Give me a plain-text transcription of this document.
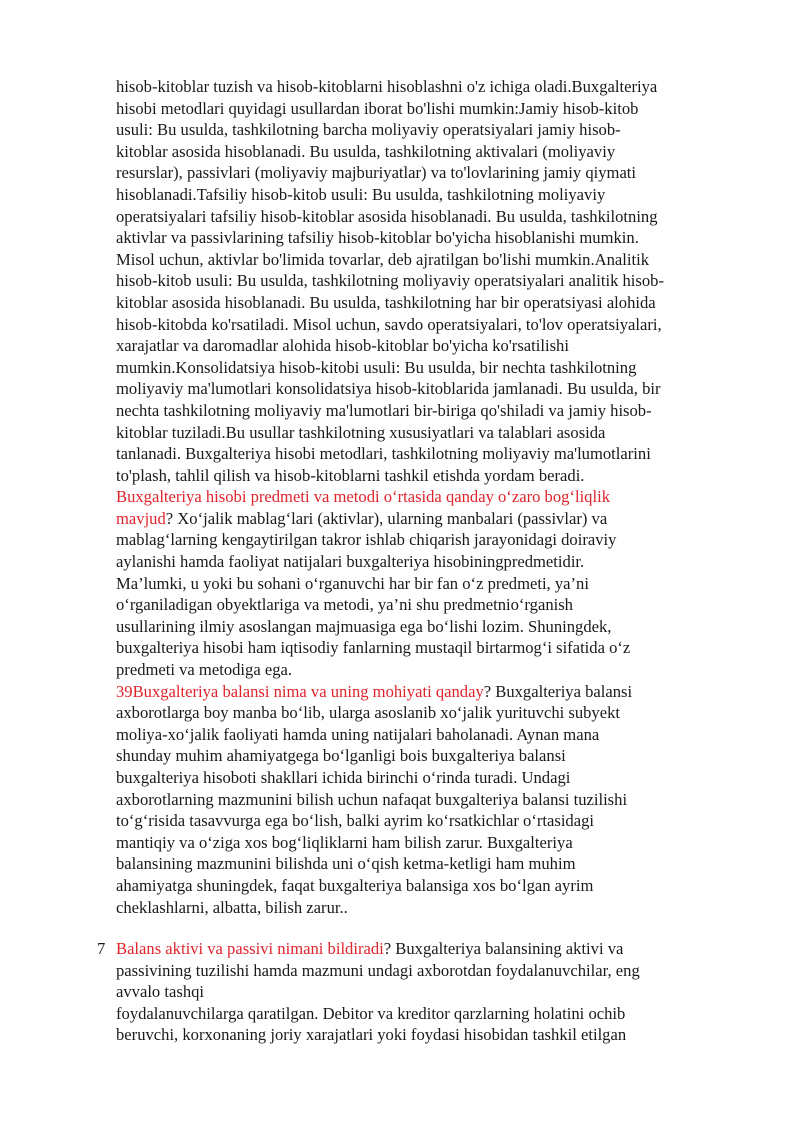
hisob-kitoblar tuzish va hisob-kitoblarni hisoblashni o'z ichiga oladi.Buxgalteriya
hisobi metodlari quyidagi usullardan iborat bo'lishi mumkin:Jamiy hisob-kitob
usuli: Bu usulda, tashkilotning barcha moliyaviy operatsiyalari jamiy hisob-
kitoblar asosida hisoblanadi. Bu usulda, tashkilotning aktivalari (moliyaviy
resurslar), passivlari (moliyaviy majburiyatlar) va to'lovlarining jamiy qiymati
hisoblanadi.Tafsiliy hisob-kitob usuli: Bu usulda, tashkilotning moliyaviy
operatsiyalari tafsiliy hisob-kitoblar asosida hisoblanadi. Bu usulda, tashkilotning
aktivlar va passivlarining tafsiliy hisob-kitoblar bo'yicha hisoblanishi mumkin.
Misol uchun, aktivlar bo'limida tovarlar, deb ajratilgan bo'lishi mumkin.Analitik
hisob-kitob usuli: Bu usulda, tashkilotning moliyaviy operatsiyalari analitik hisob-
kitoblar asosida hisoblanadi. Bu usulda, tashkilotning har bir operatsiyasi alohida
hisob-kitobda ko'rsatiladi. Misol uchun, savdo operatsiyalari, to'lov operatsiyalari,
xarajatlar va daromadlar alohida hisob-kitoblar bo'yicha ko'rsatilishi
mumkin.Konsolidatsiya hisob-kitobi usuli: Bu usulda, bir nechta tashkilotning
moliyaviy ma'lumotlari konsolidatsiya hisob-kitoblarida jamlanadi. Bu usulda, bir
nechta tashkilotning moliyaviy ma'lumotlari bir-biriga qo'shiladi va jamiy hisob-
kitoblar tuziladi.Bu usullar tashkilotning xususiyatlari va talablari asosida
tanlanadi. Buxgalteriya hisobi metodlari, tashkilotning moliyaviy ma'lumotlarini
to'plash, tahlil qilish va hisob-kitoblarni tashkil etishda yordam beradi.
Buxgalteriya hisobi predmeti va metodi o‘rtasida qanday o‘zaro bog‘liqlik
mavjud? Xo‘jalik mablag‘lari (aktivlar), ularning manbalari (passivlar) va
mablag‘larning kengaytirilgan takror ishlab chiqarish jarayonidagi doiraviy
aylanishi hamda faoliyat natijalari buxgalteriya hisobiningpredmetidir.
Ma’lumki, u yoki bu sohani o‘rganuvchi har bir fan o‘z predmeti, ya’ni
o‘rganiladigan obyektlariga va metodi, ya’ni shu predmetnio‘rganish
usullarining ilmiy asoslangan majmuasiga ega bo‘lishi lozim. Shuningdek,
buxgalteriya hisobi ham iqtisodiy fanlarning mustaqil birtarmog‘i sifatida o‘z
predmeti va metodiga ega.
39Buxgalteriya balansi nima va uning mohiyati qanday? Buxgalteriya balansi
axborotlarga boy manba bo‘lib, ularga asoslanib xo‘jalik yurituvchi subyekt
moliya-xo‘jalik faoliyati hamda uning natijalari baholanadi. Aynan mana
shunday muhim ahamiyatgega bo‘lganligi bois buxgalteriya balansi
buxgalteriya hisoboti shakllari ichida birinchi o‘rinda turadi. Undagi
axborotlarning mazmunini bilish uchun nafaqat buxgalteriya balansi tuzilishi
to‘g‘risida tasavvurga ega bo‘lish, balki ayrim ko‘rsatkichlar o‘rtasidagi
mantiqiy va o‘ziga xos bog‘liqliklarni ham bilish zarur. Buxgalteriya
balansining mazmunini bilishda uni o‘qish ketma-ketligi ham muhim
ahamiyatga shuningdek, faqat buxgalteriya balansiga xos bo‘lgan ayrim
cheklashlarni, albatta, bilish zarur..
7 Balans aktivi va passivi nimani bildiradi? Buxgalteriya balansining aktivi va
passivining tuzilishi hamda mazmuni undagi axborotdan foydalanuvchilar, eng
avvalo tashqi
foydalanuvchilarga qaratilgan. Debitor va kreditor qarzlarning holatini ochib
beruvchi, korxonaning joriy xarajatlari yoki foydasi hisobidan tashkil etilgan
